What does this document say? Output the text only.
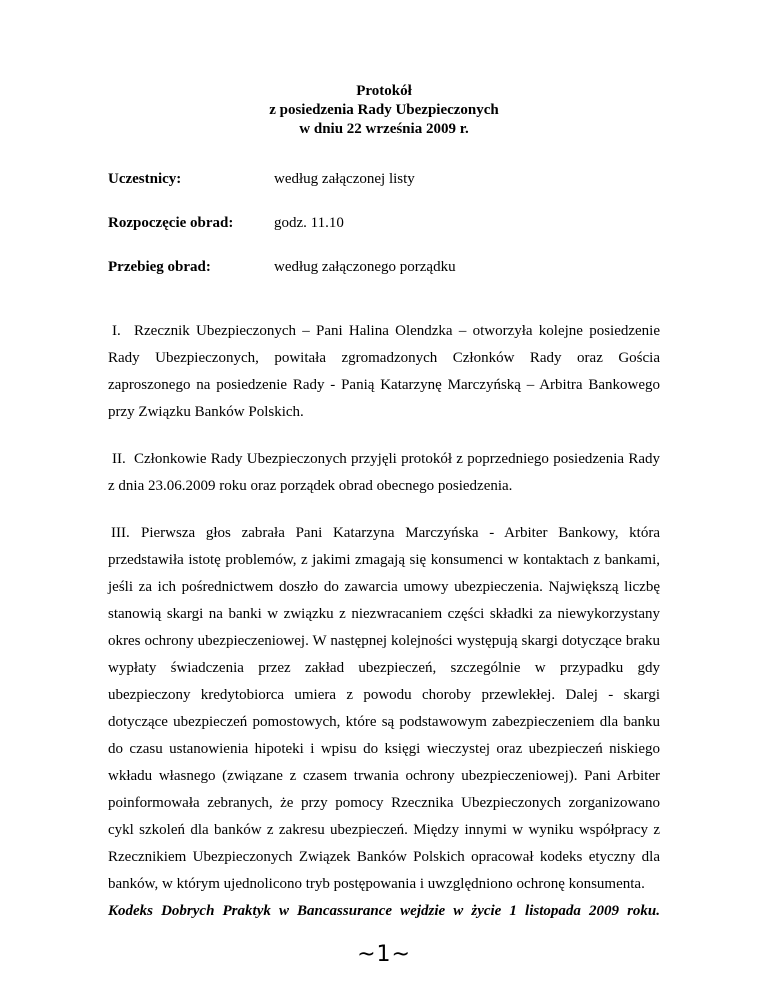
Protokół
z posiedzenia Rady Ubezpieczonych
w dniu 22 września 2009 r.
Uczestnicy:	według załączonej listy
Rozpoczęcie obrad:	godz. 11.10
Przebieg obrad:	według załączonego porządku

I. Rzecznik Ubezpieczonych – Pani Halina Olendzka – otworzyła kolejne posiedzenie Rady Ubezpieczonych, powitała zgromadzonych Członków Rady oraz Gościa zaproszonego na posiedzenie Rady - Panią Katarzynę Marczyńską – Arbitra Bankowego przy Związku Banków Polskich.

II. Członkowie Rady Ubezpieczonych przyjęli protokół z poprzedniego posiedzenia Rady z dnia 23.06.2009 roku oraz porządek obrad obecnego posiedzenia.

III. Pierwsza głos zabrała Pani Katarzyna Marczyńska - Arbiter Bankowy, która przedstawiła istotę problemów, z jakimi zmagają się konsumenci w kontaktach z bankami, jeśli za ich pośrednictwem doszło do zawarcia umowy ubezpieczenia. Największą liczbę stanowią skargi na banki w związku z niezwracaniem części składki za niewykorzystany okres ochrony ubezpieczeniowej. W następnej kolejności występują skargi dotyczące braku wypłaty świadczenia przez zakład ubezpieczeń, szczególnie w przypadku gdy ubezpieczony kredytobiorca umiera z powodu choroby przewlekłej. Dalej - skargi dotyczące ubezpieczeń pomostowych, które są podstawowym zabezpieczeniem dla banku do czasu ustanowienia hipoteki i wpisu do księgi wieczystej oraz ubezpieczeń niskiego wkładu własnego (związane z czasem trwania ochrony ubezpieczeniowej). Pani Arbiter poinformowała zebranych, że przy pomocy Rzecznika Ubezpieczonych zorganizowano cykl szkoleń dla banków z zakresu ubezpieczeń. Między innymi w wyniku współpracy z Rzecznikiem Ubezpieczonych Związek Banków Polskich opracował kodeks etyczny dla banków, w którym ujednolicono tryb postępowania i uwzględniono ochronę konsumenta.
Kodeks Dobrych Praktyk w Bancassurance wejdzie w życie 1 listopada 2009 roku.

~1~
